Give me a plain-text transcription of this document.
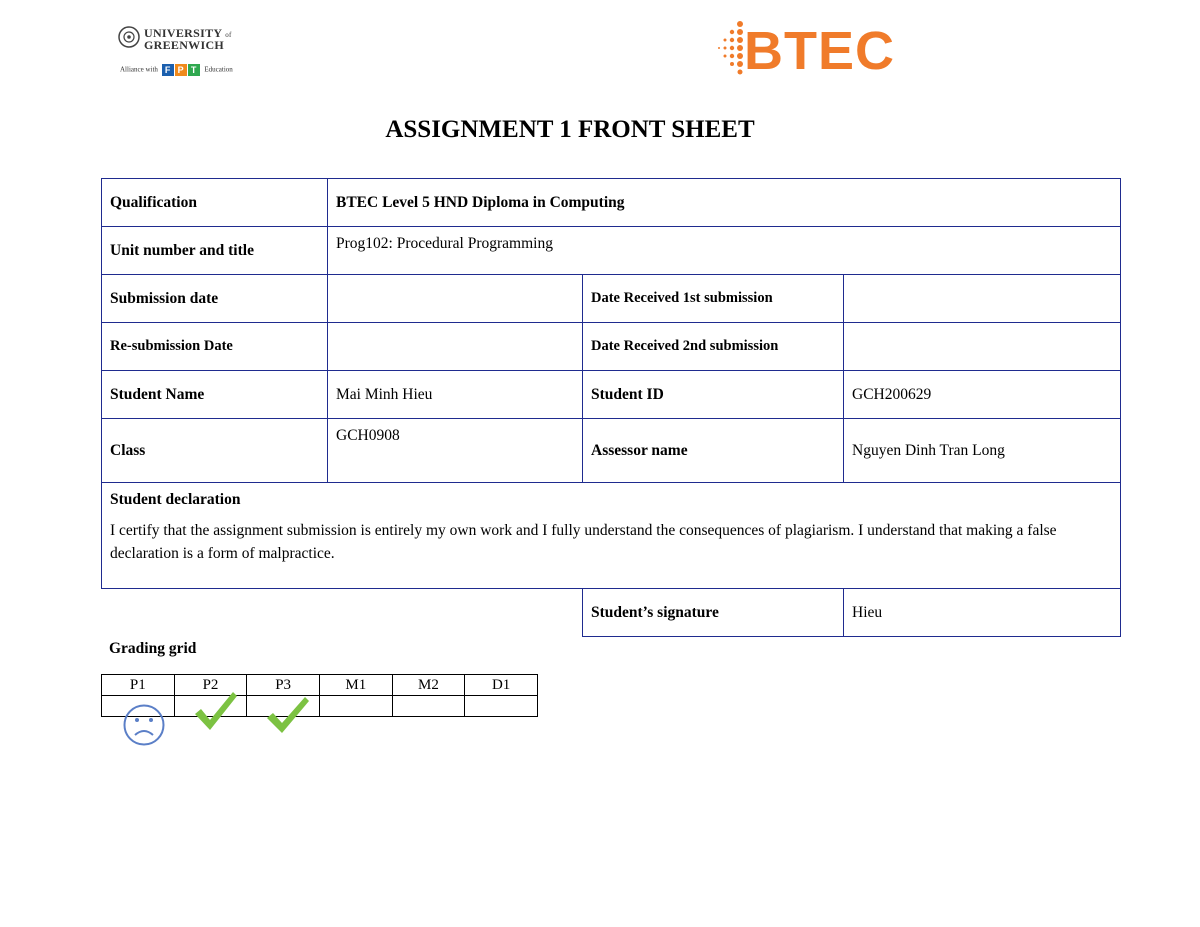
UNIVERSITY of
GREENWICH
Alliance with F P T Education	BTEC
ASSIGNMENT 1 FRONT SHEET
Qualification	BTEC Level 5 HND Diploma in Computing		
Unit number and title	Prog102: Procedural Programming		
Submission date		Date Received 1st submission	
Re-submission Date		Date Received 2nd submission	
Student Name	Mai Minh Hieu	Student ID	GCH200629
Class	GCH0908	Assessor name	Nguyen Dinh Tran Long

Student declaration
I certify that the assignment submission is entirely my own work and I fully understand the consequences of plagiarism. I understand that making a false declaration is a form of malpractice.			

		Student’s signature	Hieu
Grading grid
P1	P2	P3	M1	M2	D1
